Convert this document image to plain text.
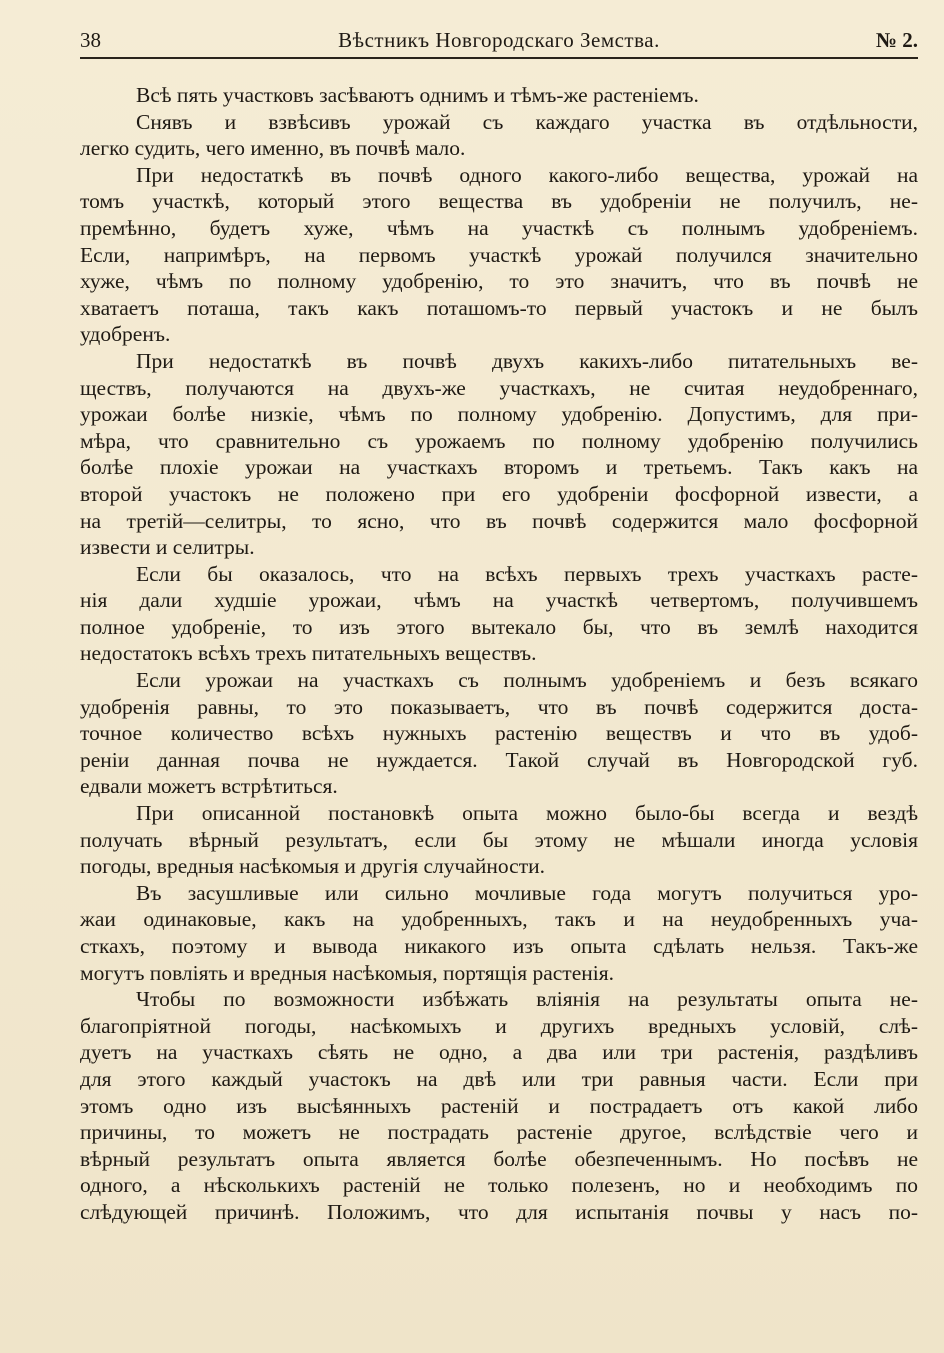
38	Вѣстникъ Новгородскаго Земства.	№ 2.
Всѣ пять участковъ засѣваютъ однимъ и тѣмъ-же растеніемъ.
Снявъ и взвѣсивъ урожай съ каждаго участка въ отдѣльности,
легко судить, чего именно, въ почвѣ мало.
При недостаткѣ въ почвѣ одного какого-либо вещества, урожай на
томъ участкѣ, который этого вещества въ удобреніи не получилъ, не-
премѣнно, будетъ хуже, чѣмъ на участкѣ съ полнымъ удобреніемъ.
Если, напримѣръ, на первомъ участкѣ урожай получился значительно
хуже, чѣмъ по полному удобренію, то это значитъ, что въ почвѣ не
хватаетъ поташа, такъ какъ поташомъ-то первый участокъ и не былъ
удобренъ.
При недостаткѣ въ почвѣ двухъ какихъ-либо питательныхъ ве-
ществъ, получаются на двухъ-же участкахъ, не считая неудобреннаго,
урожаи болѣе низкіе, чѣмъ по полному удобренію. Допустимъ, для при-
мѣра, что сравнительно съ урожаемъ по полному удобренію получились
болѣе плохіе урожаи на участкахъ второмъ и третьемъ. Такъ какъ на
второй участокъ не положено при его удобреніи фосфорной извести, а
на третій—селитры, то ясно, что въ почвѣ содержится мало фосфорной
извести и селитры.
Если бы оказалось, что на всѣхъ первыхъ трехъ участкахъ расте-
нія дали худшіе урожаи, чѣмъ на участкѣ четвертомъ, получившемъ
полное удобреніе, то изъ этого вытекало бы, что въ землѣ находится
недостатокъ всѣхъ трехъ питательныхъ веществъ.
Если урожаи на участкахъ съ полнымъ удобреніемъ и безъ всякаго
удобренія равны, то это показываетъ, что въ почвѣ содержится доста-
точное количество всѣхъ нужныхъ растенію веществъ и что въ удоб-
реніи данная почва не нуждается. Такой случай въ Новгородской губ.
едвали можетъ встрѣтиться.
При описанной постановкѣ опыта можно было-бы всегда и вездѣ
получать вѣрный результатъ, если бы этому не мѣшали иногда условія
погоды, вредныя насѣкомыя и другія случайности.
Въ засушливые или сильно мочливые года могутъ получиться уро-
жаи одинаковые, какъ на удобренныхъ, такъ и на неудобренныхъ уча-
сткахъ, поэтому и вывода никакого изъ опыта сдѣлать нельзя. Такъ-же
могутъ повліять и вредныя насѣкомыя, портящія растенія.
Чтобы по возможности избѣжать вліянія на результаты опыта не-
благопріятной погоды, насѣкомыхъ и другихъ вредныхъ условій, слѣ-
дуетъ на участкахъ сѣять не одно, а два или три растенія, раздѣливъ
для этого каждый участокъ на двѣ или три равныя части. Если при
этомъ одно изъ высѣянныхъ растеній и пострадаетъ отъ какой либо
причины, то можетъ не пострадать растеніе другое, вслѣдствіе чего и
вѣрный результатъ опыта является болѣе обезпеченнымъ. Но посѣвъ не
одного, а нѣсколькихъ растеній не только полезенъ, но и необходимъ по
слѣдующей причинѣ. Положимъ, что для испытанія почвы у насъ по-
